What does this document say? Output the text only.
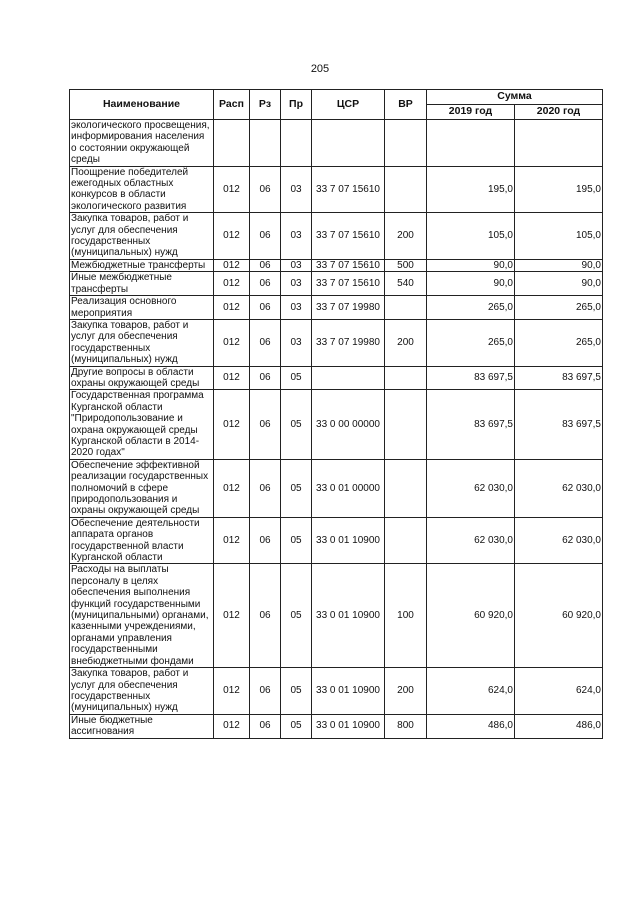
205
Наименование	Расп	Рз	Пр	ЦСР	ВР	Сумма	
						2019 год	2020 год
экологического просвещения, информирования населения о состоянии окружающей среды							
Поощрение победителей ежегодных областных конкурсов в области экологического развития	012	06	03	33 7 07 15610		195,0	195,0
Закупка товаров, работ и услуг для обеспечения государственных (муниципальных) нужд	012	06	03	33 7 07 15610	200	105,0	105,0
Межбюджетные трансферты	012	06	03	33 7 07 15610	500	90,0	90,0
Иные межбюджетные трансферты	012	06	03	33 7 07 15610	540	90,0	90,0
Реализация основного мероприятия	012	06	03	33 7 07 19980		265,0	265,0
Закупка товаров, работ и услуг для обеспечения государственных (муниципальных) нужд	012	06	03	33 7 07 19980	200	265,0	265,0
Другие вопросы в области охраны окружающей среды	012	06	05			83 697,5	83 697,5
Государственная программа Курганской области "Природопользование и охрана окружающей среды Курганской области в 2014-2020 годах"	012	06	05	33 0 00 00000		83 697,5	83 697,5
Обеспечение эффективной реализации государственных полномочий в сфере природопользования и охраны окружающей среды	012	06	05	33 0 01 00000		62 030,0	62 030,0
Обеспечение деятельности аппарата органов государственной власти Курганской области	012	06	05	33 0 01 10900		62 030,0	62 030,0
Расходы на выплаты персоналу в целях обеспечения выполнения функций государственными (муниципальными) органами, казенными учреждениями, органами управления государственными внебюджетными фондами	012	06	05	33 0 01 10900	100	60 920,0	60 920,0
Закупка товаров, работ и услуг для обеспечения государственных (муниципальных) нужд	012	06	05	33 0 01 10900	200	624,0	624,0
Иные бюджетные ассигнования	012	06	05	33 0 01 10900	800	486,0	486,0
